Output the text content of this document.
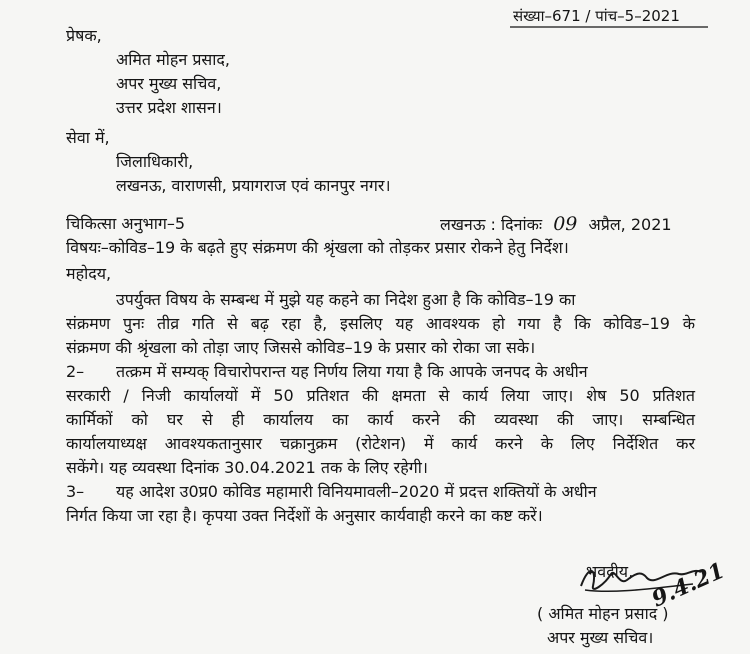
संख्या–671 / पांच–5–2021
प्रेषक,
अमित मोहन प्रसाद,
अपर मुख्य सचिव,
उत्तर प्रदेश शासन।
सेवा में,
जिलाधिकारी,
लखनऊ, वाराणसी, प्रयागराज एवं कानपुर नगर।
चिकित्सा अनुभाग–5	लखनऊ : दिनांकः 09 अप्रैल, 2021
विषयः–कोविड–19 के बढ़ते हुए संक्रमण की श्रृंखला को तोड़कर प्रसार रोकने हेतु निर्देश।
महोदय,
उपर्युक्त विषय के सम्बन्ध में मुझे यह कहने का निदेश हुआ है कि कोविड–19 का
संक्रमण पुनः तीव्र गति से बढ़ रहा है, इसलिए यह आवश्यक हो गया है कि कोविड–19 के
संक्रमण की श्रृंखला को तोड़ा जाए जिससे कोविड–19 के प्रसार को रोका जा सके।
2– तत्क्रम में सम्यक् विचारोपरान्त यह निर्णय लिया गया है कि आपके जनपद के अधीन
सरकारी / निजी कार्यालयों में 50 प्रतिशत की क्षमता से कार्य लिया जाए। शेष 50 प्रतिशत
कार्मिकों को घर से ही कार्यालय का कार्य करने की व्यवस्था की जाए। सम्बन्धित
कार्यालयाध्यक्ष आवश्यकतानुसार चक्रानुक्रम (रोटेशन) में कार्य करने के लिए निर्देशित कर
सकेंगे। यह व्यवस्था दिनांक 30.04.2021 तक के लिए रहेगी।
3– यह आदेश उ0प्र0 कोविड महामारी विनियमावली–2020 में प्रदत्त शक्तियों के अधीन
निर्गत किया जा रहा है। कृपया उक्त निर्देशों के अनुसार कार्यवाही करने का कष्ट करें।
भवदीय, 9.4.21
( अमित मोहन प्रसाद )
अपर मुख्य सचिव।
